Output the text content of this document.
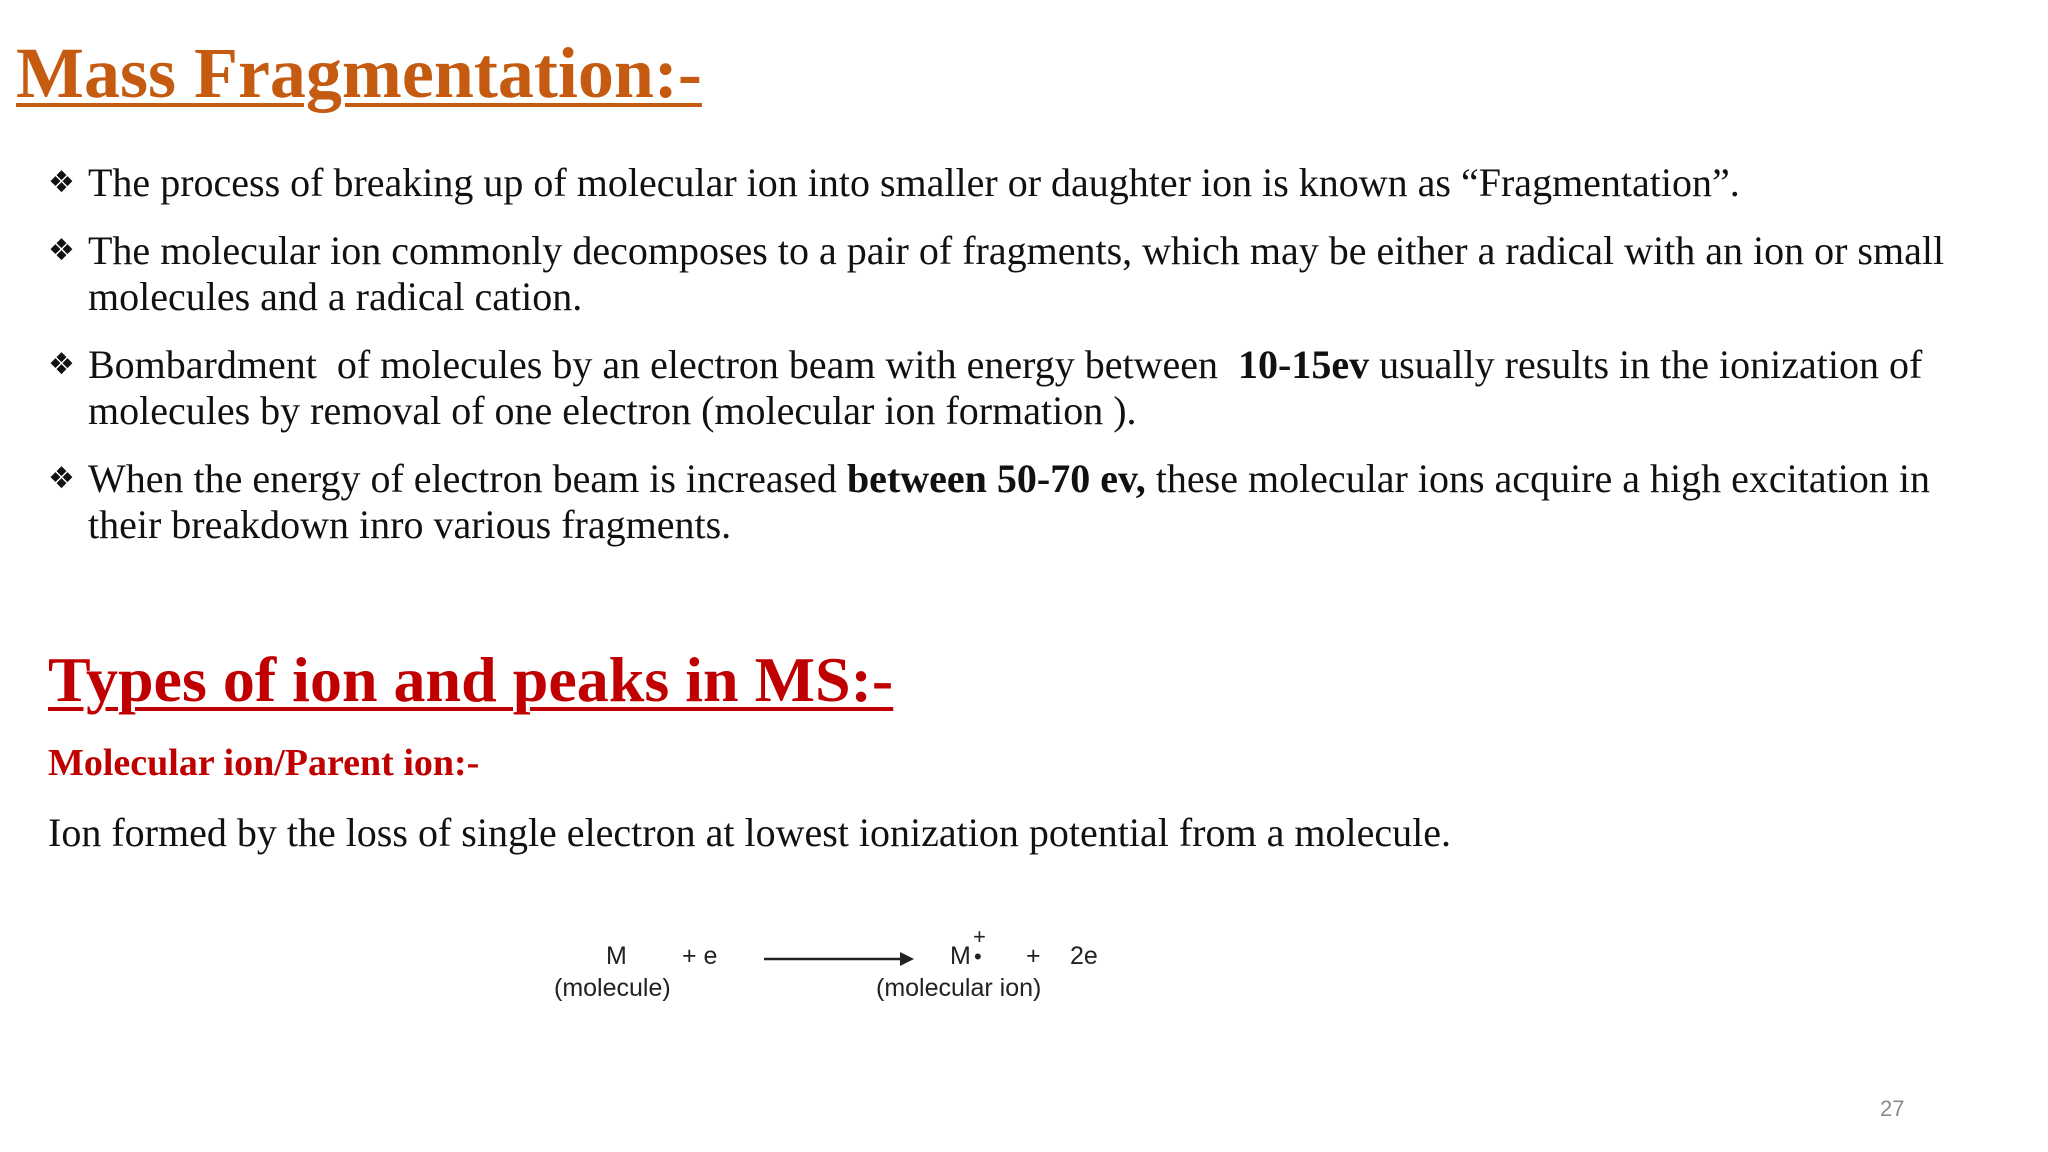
Mass Fragmentation:-
❖ The process of breaking up of molecular ion into smaller or daughter ion is known as “Fragmentation”.
❖ The molecular ion commonly decomposes to a pair of fragments, which may be either a radical with an ion or small molecules and a radical cation.
❖ Bombardment  of molecules by an electron beam with energy between  10-15ev usually results in the ionization of molecules by removal of one electron (molecular ion formation ).
❖ When the energy of electron beam is increased between 50-70 ev, these molecular ions acquire a high excitation in their breakdown inro various fragments.
Types of ion and peaks in MS:-
Molecular ion/Parent ion:-

Ion formed by the loss of single electron at lowest ionization potential from a molecule.

M
(molecule)
+ e	M
+
• + 2e
(molecular ion)
27
